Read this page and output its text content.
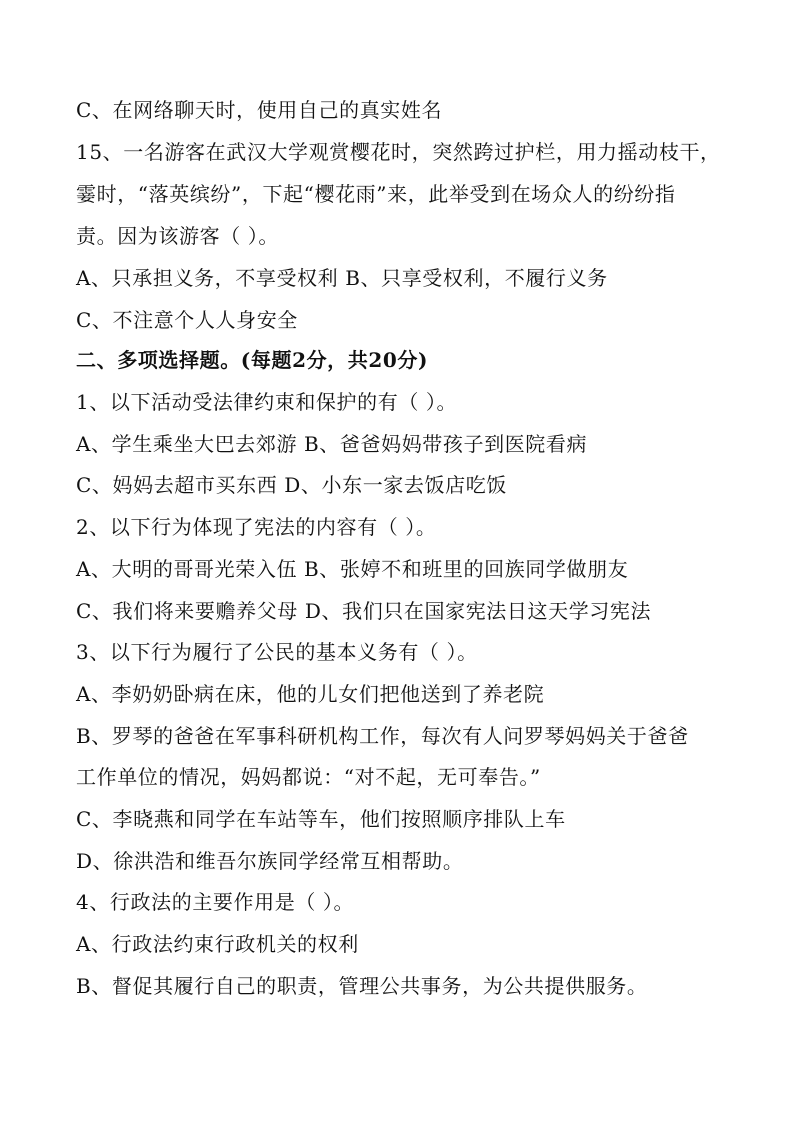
C、在网络聊天时，使用自己的真实姓名
15、一名游客在武汉大学观赏樱花时，突然跨过护栏，用力摇动枝干，
霎时，“落英缤纷”，下起“樱花雨”来，此举受到在场众人的纷纷指
责。因为该游客（ ）。
A、只承担义务，不享受权利 B、只享受权利，不履行义务
C、不注意个人人身安全
二、多项选择题。(每题2分，共20分)
1、以下活动受法律约束和保护的有（ ）。
A、学生乘坐大巴去郊游 B、爸爸妈妈带孩子到医院看病
C、妈妈去超市买东西 D、小东一家去饭店吃饭
2、以下行为体现了宪法的内容有（ ）。
A、大明的哥哥光荣入伍 B、张婷不和班里的回族同学做朋友
C、我们将来要赡养父母 D、我们只在国家宪法日这天学习宪法
3、以下行为履行了公民的基本义务有（ ）。
A、李奶奶卧病在床，他的儿女们把他送到了养老院
B、罗琴的爸爸在军事科研机构工作，每次有人问罗琴妈妈关于爸爸
工作单位的情况，妈妈都说：“对不起，无可奉告。”
C、李晓燕和同学在车站等车，他们按照顺序排队上车
D、徐洪浩和维吾尔族同学经常互相帮助。
4、行政法的主要作用是（ ）。
A、行政法约束行政机关的权利
B、督促其履行自己的职责，管理公共事务，为公共提供服务。
